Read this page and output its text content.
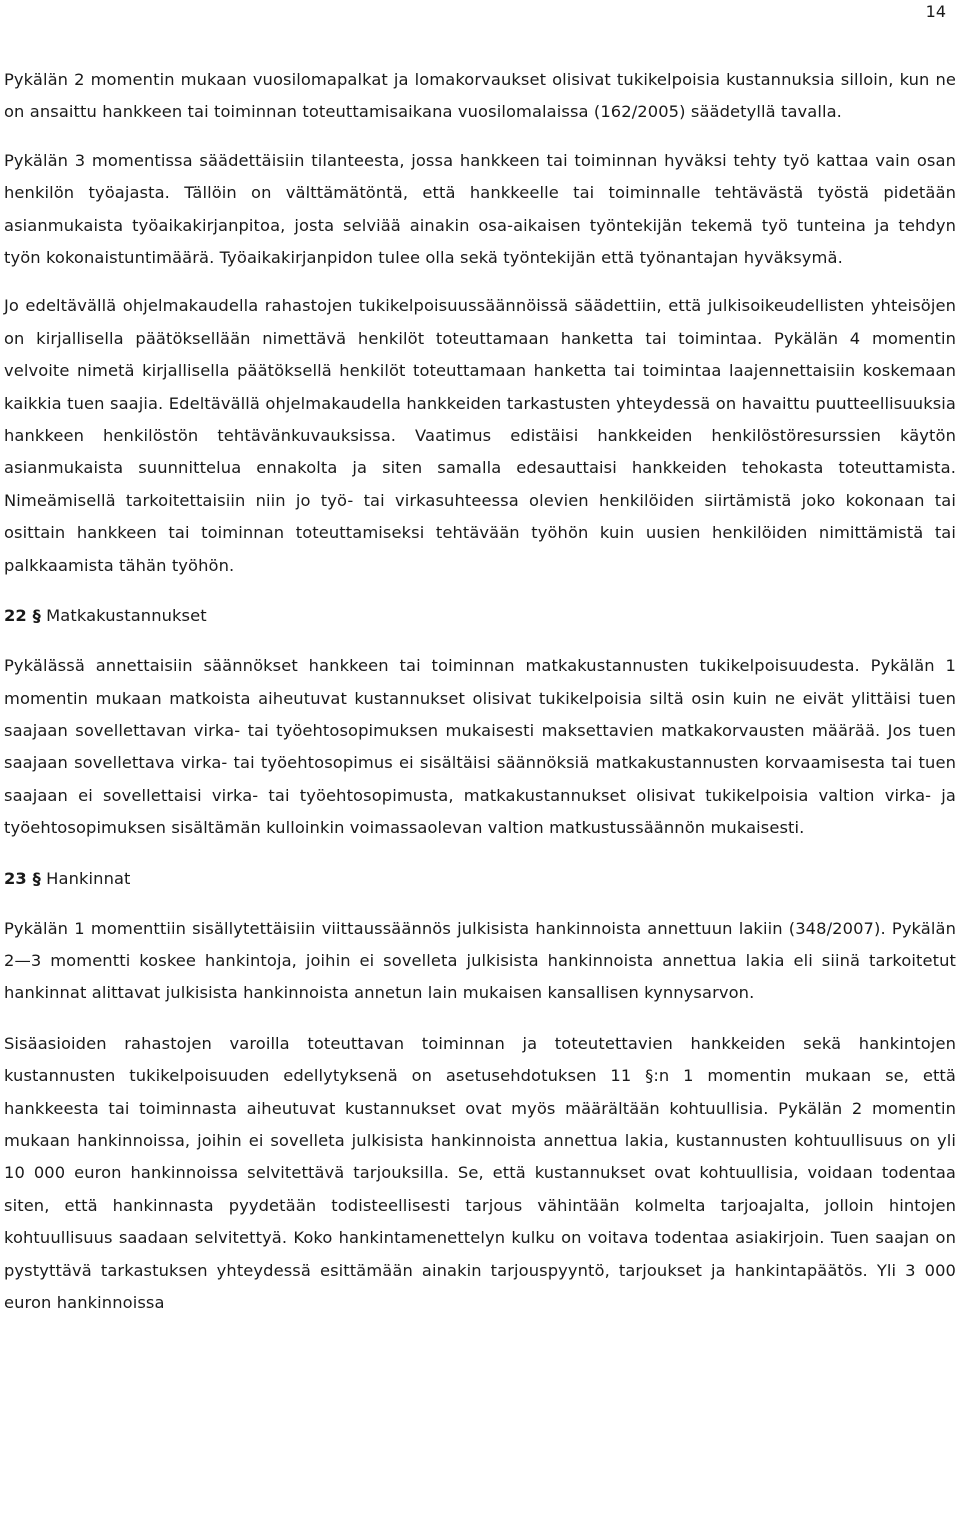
14

Pykälän 2 momentin mukaan vuosilomapalkat ja lomakorvaukset olisivat tukikelpoisia kustannuksia silloin, kun ne on ansaittu hankkeen tai toiminnan toteuttamisaikana vuosilomalaissa (162/2005) säädetyllä tavalla.

Pykälän 3 momentissa säädettäisiin tilanteesta, jossa hankkeen tai toiminnan hyväksi tehty työ kattaa vain osan henkilön työajasta. Tällöin on välttämätöntä, että hankkeelle tai toiminnalle tehtävästä työstä pidetään asianmukaista työaikakirjanpitoa, josta selviää ainakin osa-aikaisen työntekijän tekemä työ tunteina ja tehdyn työn kokonaistuntimäärä. Työaikakirjanpidon tulee olla sekä työntekijän että työnantajan hyväksymä.

Jo edeltävällä ohjelmakaudella rahastojen tukikelpoisuussäännöissä säädettiin, että julkisoikeudellisten yhteisöjen on kirjallisella päätöksellään nimettävä henkilöt toteuttamaan hanketta tai toimintaa. Pykälän 4 momentin velvoite nimetä kirjallisella päätöksellä henkilöt toteuttamaan hanketta tai toimintaa laajennettaisiin koskemaan kaikkia tuen saajia. Edeltävällä ohjelmakaudella hankkeiden tarkastusten yhteydessä on havaittu puutteellisuuksia hankkeen henkilöstön tehtävänkuvauksissa. Vaatimus edistäisi hankkeiden henkilöstöresurssien käytön asianmukaista suunnittelua ennakolta ja siten samalla edesauttaisi hankkeiden tehokasta toteuttamista. Nimeämisellä tarkoitettaisiin niin jo työ- tai virkasuhteessa olevien henkilöiden siirtämistä joko kokonaan tai osittain hankkeen tai toiminnan toteuttamiseksi tehtävään työhön kuin uusien henkilöiden nimittämistä tai palkkaamista tähän työhön.

22 § Matkakustannukset

Pykälässä annettaisiin säännökset hankkeen tai toiminnan matkakustannusten tukikelpoisuudesta. Pykälän 1 momentin mukaan matkoista aiheutuvat kustannukset olisivat tukikelpoisia siltä osin kuin ne eivät ylittäisi tuen saajaan sovellettavan virka- tai työehtosopimuksen mukaisesti maksettavien matkakorvausten määrää. Jos tuen saajaan sovellettava virka- tai työehtosopimus ei sisältäisi säännöksiä matkakustannusten korvaamisesta tai tuen saajaan ei sovellettaisi virka- tai työehtosopimusta, matkakustannukset olisivat tukikelpoisia valtion virka- ja työehtosopimuksen sisältämän kulloinkin voimassaolevan valtion matkustussäännön mukaisesti.

23 § Hankinnat

Pykälän 1 momenttiin sisällytettäisiin viittaussäännös julkisista hankinnoista annettuun lakiin (348/2007). Pykälän 2—3 momentti koskee hankintoja, joihin ei sovelleta julkisista hankinnoista annettua lakia eli siinä tarkoitetut hankinnat alittavat julkisista hankinnoista annetun lain mukaisen kansallisen kynnysarvon.

Sisäasioiden rahastojen varoilla toteuttavan toiminnan ja toteutettavien hankkeiden sekä hankintojen kustannusten tukikelpoisuuden edellytyksenä on asetusehdotuksen 11 §:n 1 momentin mukaan se, että hankkeesta tai toiminnasta aiheutuvat kustannukset ovat myös määrältään kohtuullisia. Pykälän 2 momentin mukaan hankinnoissa, joihin ei sovelleta julkisista hankinnoista annettua lakia, kustannusten kohtuullisuus on yli 10 000 euron hankinnoissa selvitettävä tarjouksilla. Se, että kustannukset ovat kohtuullisia, voidaan todentaa siten, että hankinnasta pyydetään todisteellisesti tarjous vähintään kolmelta tarjoajalta, jolloin hintojen kohtuullisuus saadaan selvitettyä. Koko hankintamenettelyn kulku on voitava todentaa asiakirjoin. Tuen saajan on pystyttävä tarkastuksen yhteydessä esittämään ainakin tarjouspyyntö, tarjoukset ja hankintapäätös. Yli 3 000 euron hankinnoissa
